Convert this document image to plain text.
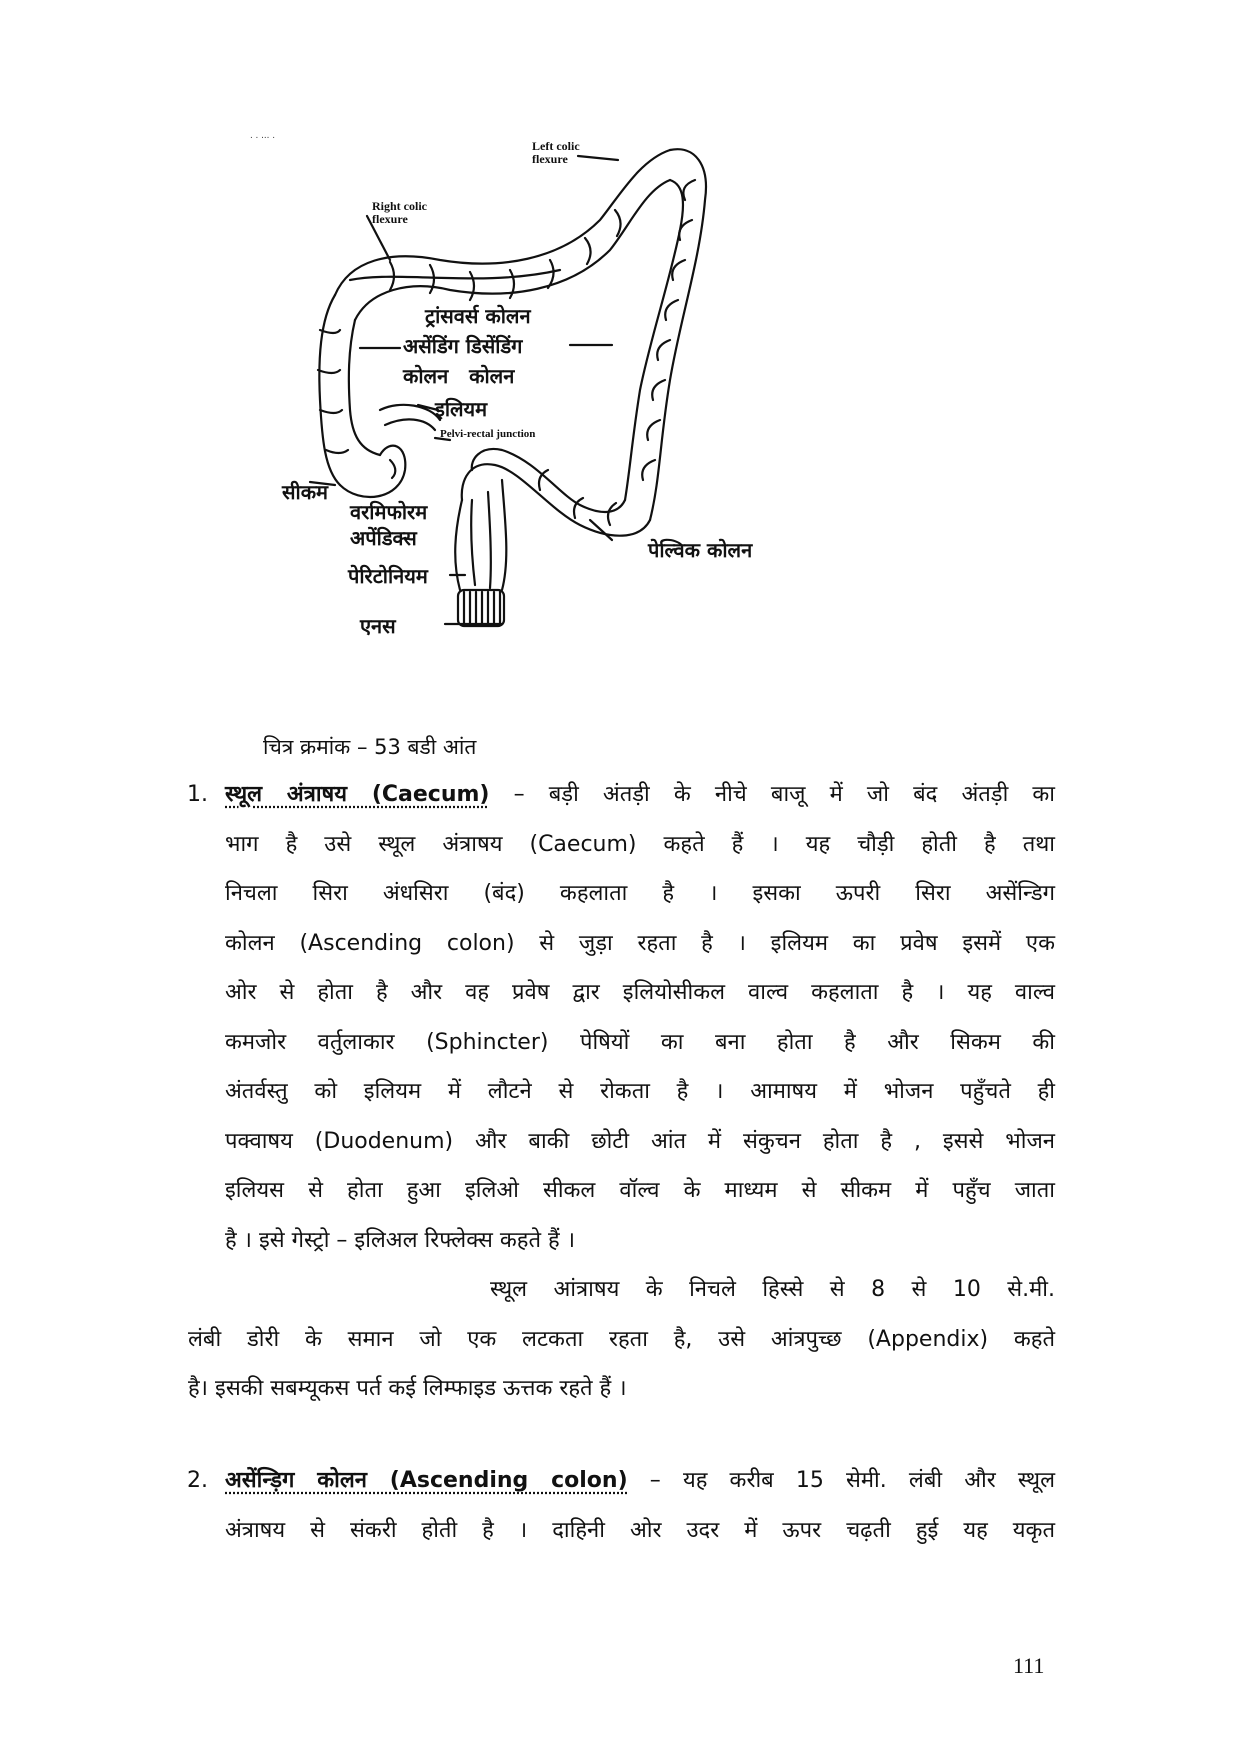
. . ... .
Left colic
flexure
Right colic
flexure
Pelvi-rectal junction
ट्रांसवर्स कोलन
असेंडिंग डिसेंडिंग
कोलन   कोलन
इलियम
सीकम
वरमिफोरम
अपेंडिक्स
पेरिटोनियम
पेल्विक कोलन
एनस
चित्र क्रमांक – 53 बडी आंत
1. स्थूल अंत्राषय (Caecum) – बड़ी अंतड़ी के नीचे बाजू में जो बंद अंतड़ी का
भाग है उसे स्थूल अंत्राषय (Caecum) कहते हैं । यह चौड़ी होती है तथा
निचला सिरा अंधसिरा (बंद) कहलाता है । इसका ऊपरी सिरा असेंन्डिग
कोलन (Ascending colon) से जुड़ा रहता है । इलियम का प्रवेष इसमें एक
ओर से होता है और वह प्रवेष द्वार इलियोसीकल वाल्व कहलाता है । यह वाल्व
कमजोर वर्तुलाकार (Sphincter) पेषियों का बना होता है और सिकम की
अंतर्वस्तु को इलियम में लौटने से रोकता है । आमाषय में भोजन पहुॅंचते ही
पक्वाषय (Duodenum) और बाकी छोटी आंत में संकुचन होता है , इससे भोजन
इलियस से होता हुआ इलिओ सीकल वॉल्व के माध्यम से सीकम में पहुॅंच जाता
है । इसे गेस्ट्रो – इलिअल रिफ्लेक्स कहते हैं ।
स्थूल आंत्राषय के निचले हिस्से से 8 से 10 से.मी.
लंबी डोरी के समान जो एक लटकता रहता है, उसे आंत्रपुच्छ (Appendix) कहते
है। इसकी सबम्यूकस पर्त कई लिम्फाइड ऊत्तक रहते हैं ।
2. असेंन्ड़िग कोलन (Ascending colon) – यह करीब 15 सेमी. लंबी और स्थूल
अंत्राषय से संकरी होती है । दाहिनी ओर उदर में ऊपर चढ़ती हुई यह यकृत
111
